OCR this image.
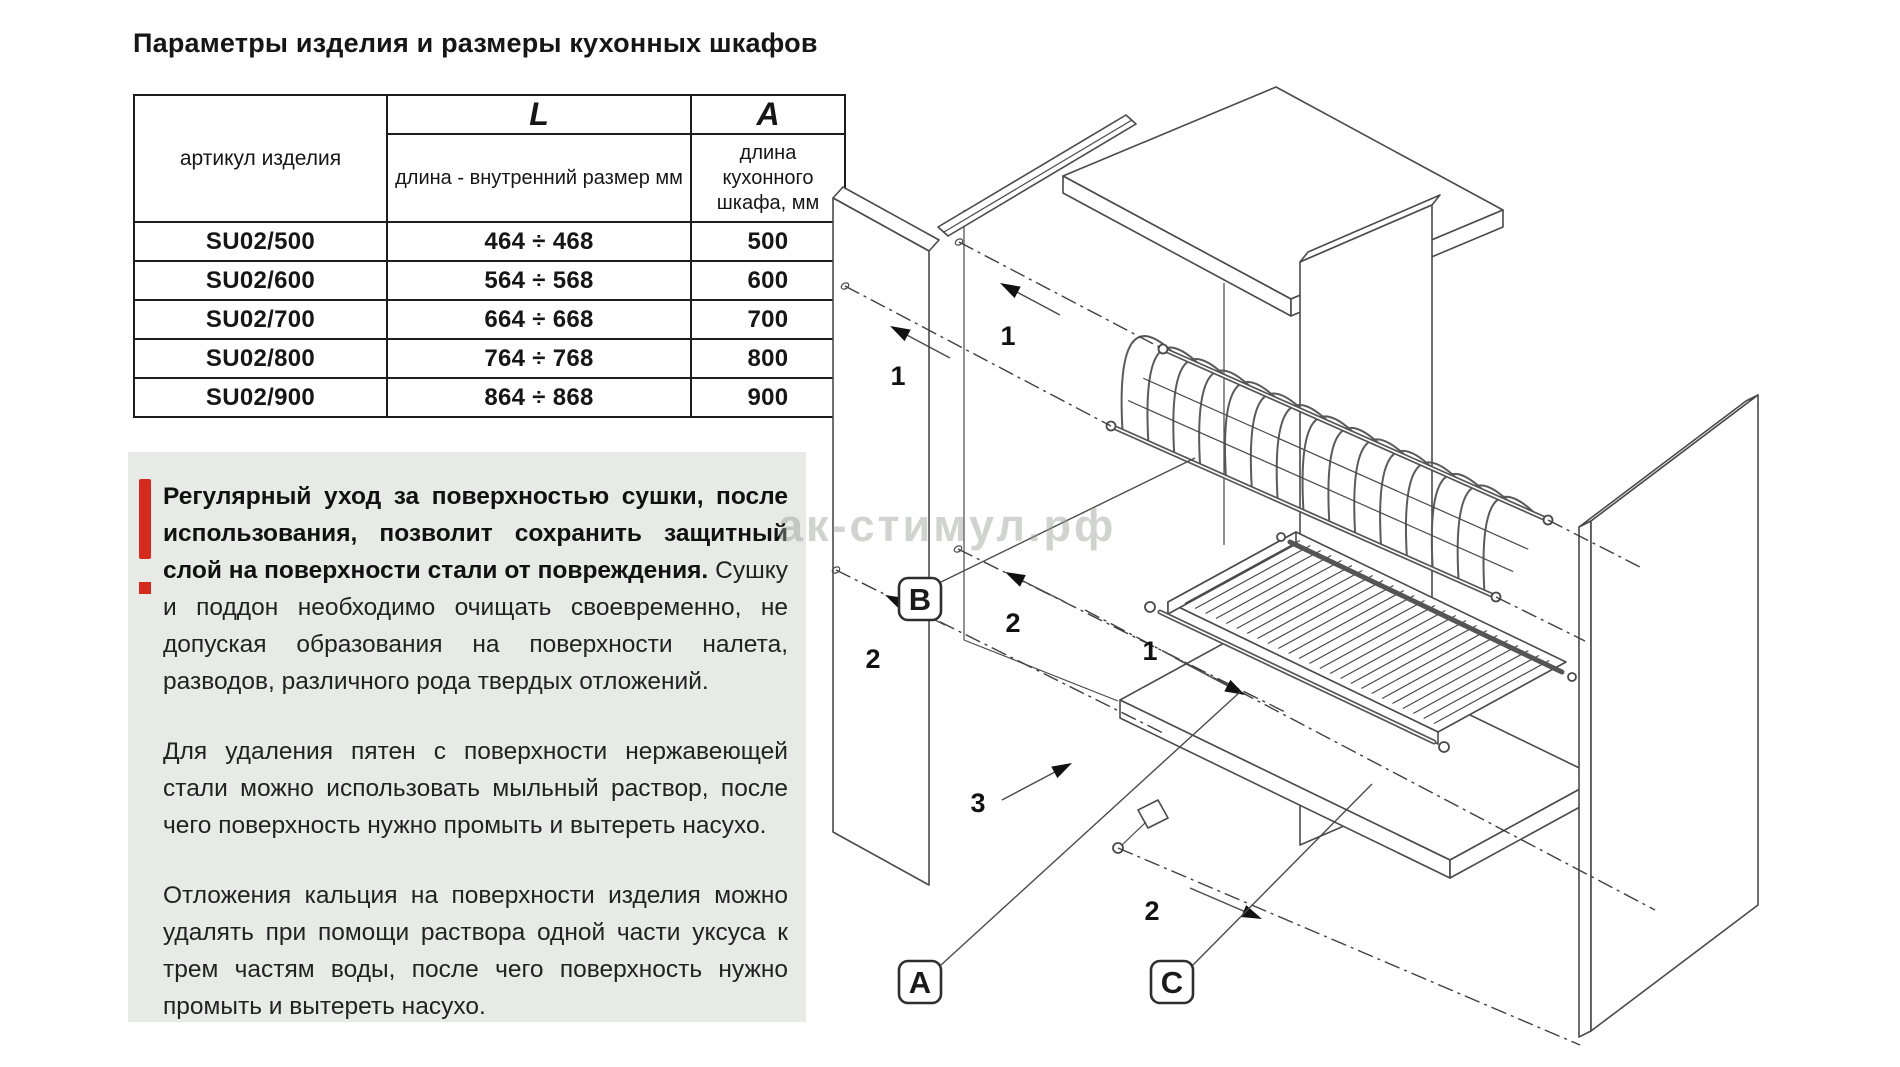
Параметры изделия и размеры кухонных шкафов
артикул изделия	L	A
	длина - внутренний размер мм	длина кухонного шкафа, мм
SU02/500	464 ÷ 468	500
SU02/600	564 ÷ 568	600
SU02/700	664 ÷ 668	700
SU02/800	764 ÷ 768	800
SU02/900	864 ÷ 868	900

Регулярный уход за поверхностью сушки, после использования, позволит сохранить защитный слой на поверхности стали от повреждения. Сушку и поддон необходимо очищать своевременно, не допуская образования на поверхности налета, разводов, различного рода твердых отложений.

Для удаления пятен с поверхности нержавеющей стали можно использовать мыльный раствор, после чего поверхность нужно промыть и вытереть насухо.

Отложения кальция на поверхности изделия можно удалять при помощи раствора одной части уксуса к трем частям воды, после чего поверхность нужно промыть и вытереть насухо.

1
1
1
2
2
2
3
B
A	C
ак-стимул.рф
